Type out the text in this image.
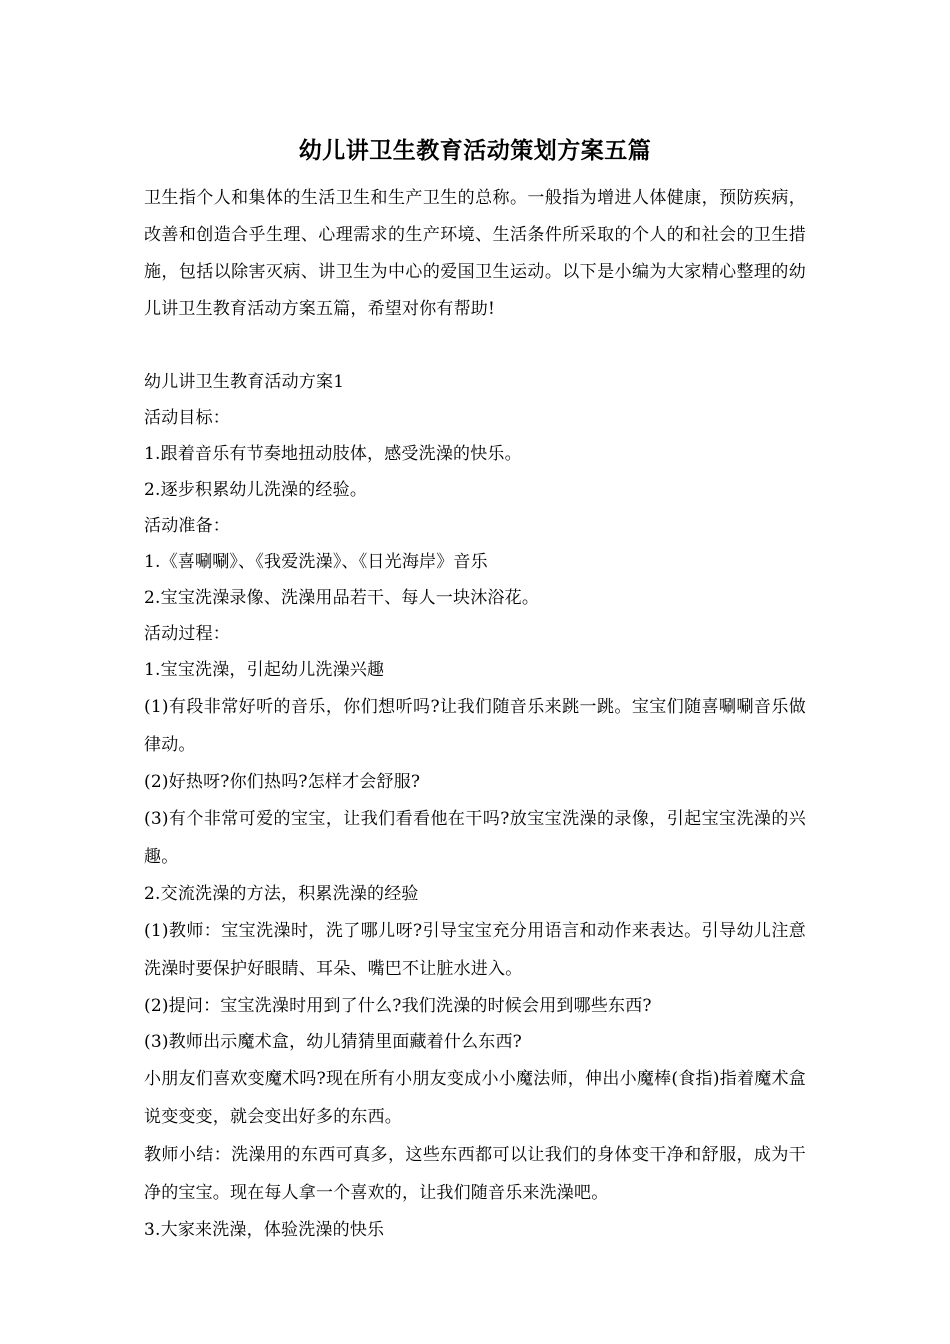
幼儿讲卫生教育活动策划方案五篇

卫生指个人和集体的生活卫生和生产卫生的总称。一般指为增进人体健康，预防疾病，改善和创造合乎生理、心理需求的生产环境、生活条件所采取的个人的和社会的卫生措施，包括以除害灭病、讲卫生为中心的爱国卫生运动。以下是小编为大家精心整理的幼儿讲卫生教育活动方案五篇，希望对你有帮助!

幼儿讲卫生教育活动方案1

活动目标：

1.跟着音乐有节奏地扭动肢体，感受洗澡的快乐。

2.逐步积累幼儿洗澡的经验。

活动准备：

1.《喜唰唰》、《我爱洗澡》、《日光海岸》音乐

2.宝宝洗澡录像、洗澡用品若干、每人一块沐浴花。

活动过程：

1.宝宝洗澡，引起幼儿洗澡兴趣

(1)有段非常好听的音乐，你们想听吗?让我们随音乐来跳一跳。宝宝们随喜唰唰音乐做律动。

(2)好热呀?你们热吗?怎样才会舒服?

(3)有个非常可爱的宝宝，让我们看看他在干吗?放宝宝洗澡的录像，引起宝宝洗澡的兴趣。

2.交流洗澡的方法，积累洗澡的经验

(1)教师：宝宝洗澡时，洗了哪儿呀?引导宝宝充分用语言和动作来表达。引导幼儿注意洗澡时要保护好眼睛、耳朵、嘴巴不让脏水进入。

(2)提问：宝宝洗澡时用到了什么?我们洗澡的时候会用到哪些东西?

(3)教师出示魔术盒，幼儿猜猜里面藏着什么东西?

小朋友们喜欢变魔术吗?现在所有小朋友变成小小魔法师，伸出小魔棒(食指)指着魔术盒说变变变，就会变出好多的东西。

教师小结：洗澡用的东西可真多，这些东西都可以让我们的身体变干净和舒服，成为干净的宝宝。现在每人拿一个喜欢的，让我们随音乐来洗澡吧。

3.大家来洗澡，体验洗澡的快乐
